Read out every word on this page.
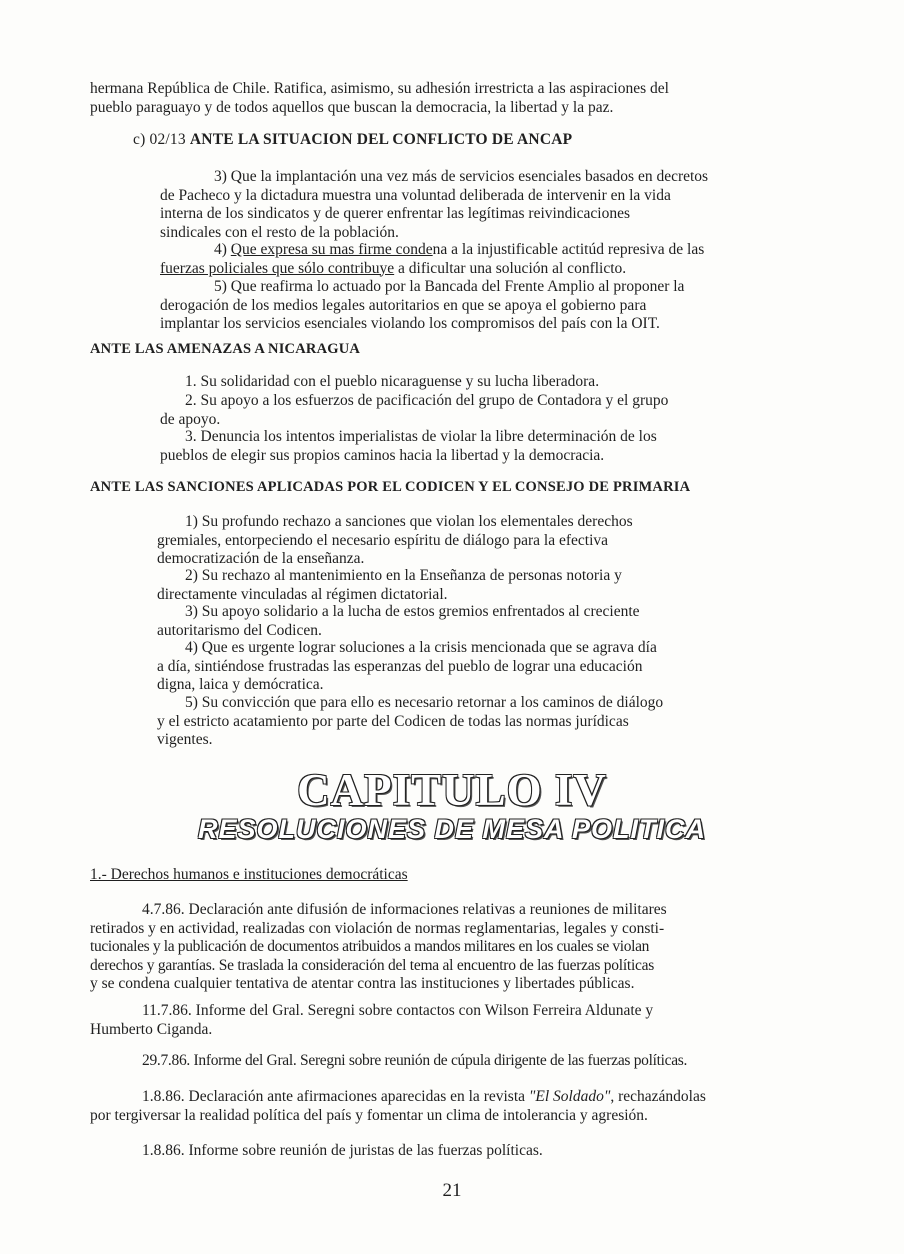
hermana República de Chile. Ratifica, asimismo, su adhesión irrestricta a las aspiraciones del
pueblo paraguayo y de todos aquellos que buscan la democracia, la libertad y la paz.
c) 02/13 ANTE LA SITUACION DEL CONFLICTO DE ANCAP
3) Que la implantación una vez más de servicios esenciales basados en decretos
de Pacheco y la dictadura muestra una voluntad deliberada de intervenir en la vida
interna de los sindicatos y de querer enfrentar las legítimas reivindicaciones
sindicales con el resto de la población.
4) Que expresa su mas firme condena a la injustificable actitúd represiva de las
fuerzas policiales que sólo contribuye a dificultar una solución al conflicto.
5) Que reafirma lo actuado por la Bancada del Frente Amplio al proponer la
derogación de los medios legales autoritarios en que se apoya el gobierno para
implantar los servicios esenciales violando los compromisos del país con la OIT.
ANTE LAS AMENAZAS A NICARAGUA
1. Su solidaridad con el pueblo nicaraguense y su lucha liberadora.
2. Su apoyo a los esfuerzos de pacificación del grupo de Contadora y el grupo
de apoyo.
3. Denuncia los intentos imperialistas de violar la libre determinación de los
pueblos de elegir sus propios caminos hacia la libertad y la democracia.
ANTE LAS SANCIONES APLICADAS POR EL CODICEN Y EL CONSEJO DE PRIMARIA
1) Su profundo rechazo a sanciones que violan los elementales derechos
gremiales, entorpeciendo el necesario espíritu de diálogo para la efectiva
democratización de la enseñanza.
2) Su rechazo al mantenimiento en la Enseñanza de personas notoria y
directamente vinculadas al régimen dictatorial.
3) Su apoyo solidario a la lucha de estos gremios enfrentados al creciente
autoritarismo del Codicen.
4) Que es urgente lograr soluciones a la crisis mencionada que se agrava día
a día, sintiéndose frustradas las esperanzas del pueblo de lograr una educación
digna, laica y demócratica.
5) Su convicción que para ello es necesario retornar a los caminos de diálogo
y el estricto acatamiento por parte del Codicen de todas las normas jurídicas
vigentes.
CAPITULO IV
RESOLUCIONES DE MESA POLITICA
1.- Derechos humanos e instituciones democráticas
4.7.86. Declaración ante difusión de informaciones relativas a reuniones de militares
retirados y en actividad, realizadas con violación de normas reglamentarias, legales y consti-
tucionales y la publicación de documentos atribuidos a mandos militares en los cuales se violan
derechos y garantías. Se traslada la consideración del tema al encuentro de las fuerzas políticas
y se condena cualquier tentativa de atentar contra las instituciones y libertades públicas.
11.7.86. Informe del Gral. Seregni sobre contactos con Wilson Ferreira Aldunate y
Humberto Ciganda.
29.7.86. Informe del Gral. Seregni sobre reunión de cúpula dirigente de las fuerzas políticas.
1.8.86. Declaración ante afirmaciones aparecidas en la revista "El Soldado", rechazándolas
por tergiversar la realidad política del país y fomentar un clima de intolerancia y agresión.
1.8.86. Informe sobre reunión de juristas de las fuerzas políticas.
21
